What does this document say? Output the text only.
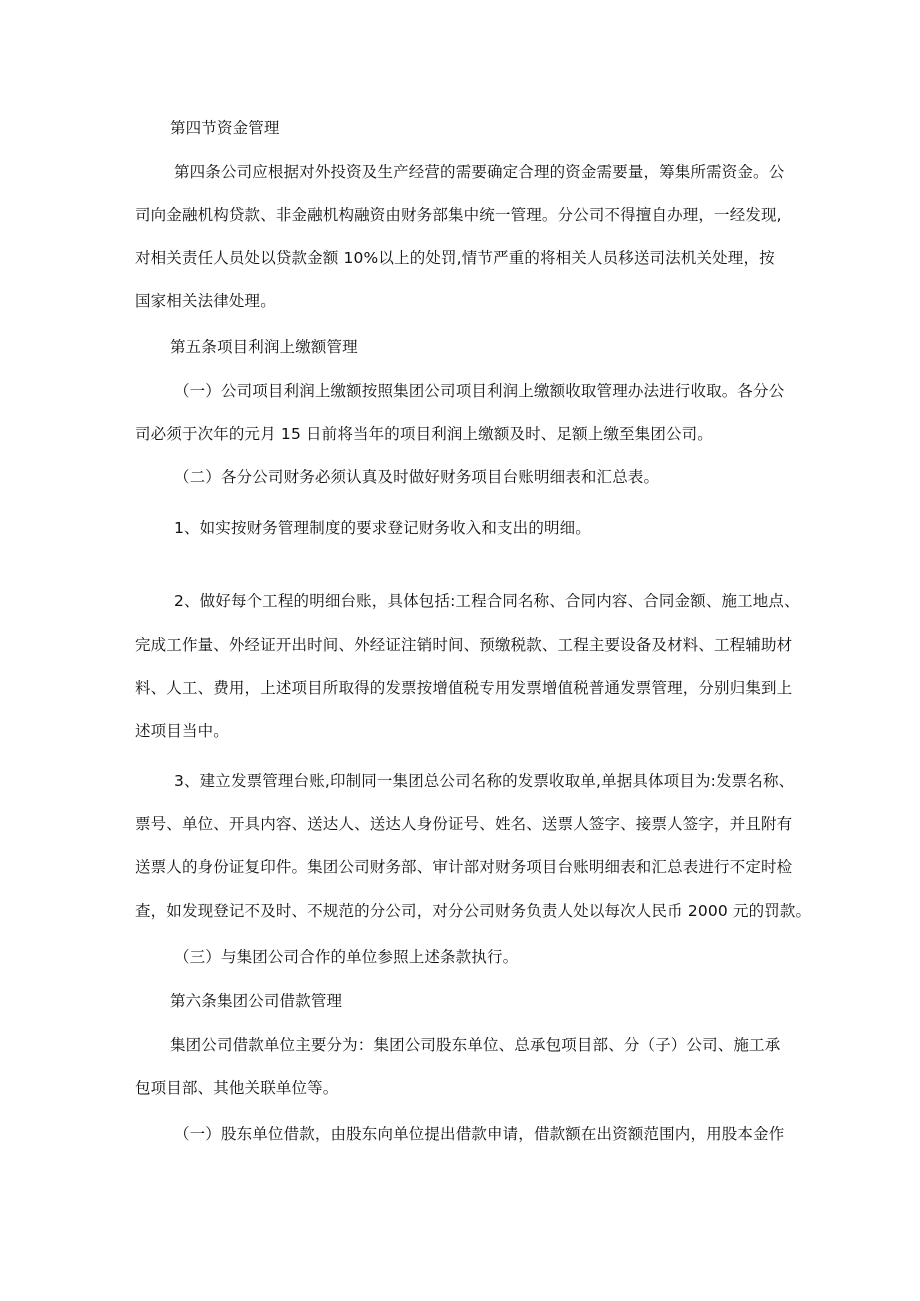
第四节资金管理
第四条公司应根据对外投资及生产经营的需要确定合理的资金需要量，筹集所需资金。公
司向金融机构贷款、非金融机构融资由财务部集中统一管理。分公司不得擅自办理，一经发现,
对相关责任人员处以贷款金额 10%以上的处罚,情节严重的将相关人员移送司法机关处理，按
国家相关法律处理。
第五条项目利润上缴额管理
（一）公司项目利润上缴额按照集团公司项目利润上缴额收取管理办法进行收取。各分公
司必须于次年的元月 15 日前将当年的项目利润上缴额及时、足额上缴至集团公司。
（二）各分公司财务必须认真及时做好财务项目台账明细表和汇总表。
1、如实按财务管理制度的要求登记财务收入和支出的明细。
2、做好每个工程的明细台账，具体包括:工程合同名称、合同内容、合同金额、施工地点、
完成工作量、外经证开出时间、外经证注销时间、预缴税款、工程主要设备及材料、工程辅助材
料、人工、费用，上述项目所取得的发票按增值税专用发票增值税普通发票管理，分别归集到上
述项目当中。
3、建立发票管理台账,印制同一集团总公司名称的发票收取单,单据具体项目为:发票名称、
票号、单位、开具内容、送达人、送达人身份证号、姓名、送票人签字、接票人签字，并且附有
送票人的身份证复印件。集团公司财务部、审计部对财务项目台账明细表和汇总表进行不定时检
查，如发现登记不及时、不规范的分公司，对分公司财务负责人处以每次人民币 2000 元的罚款。
（三）与集团公司合作的单位参照上述条款执行。
第六条集团公司借款管理
集团公司借款单位主要分为：集团公司股东单位、总承包项目部、分（子）公司、施工承
包项目部、其他关联单位等。
（一）股东单位借款，由股东向单位提出借款申请，借款额在出资额范围内，用股本金作
